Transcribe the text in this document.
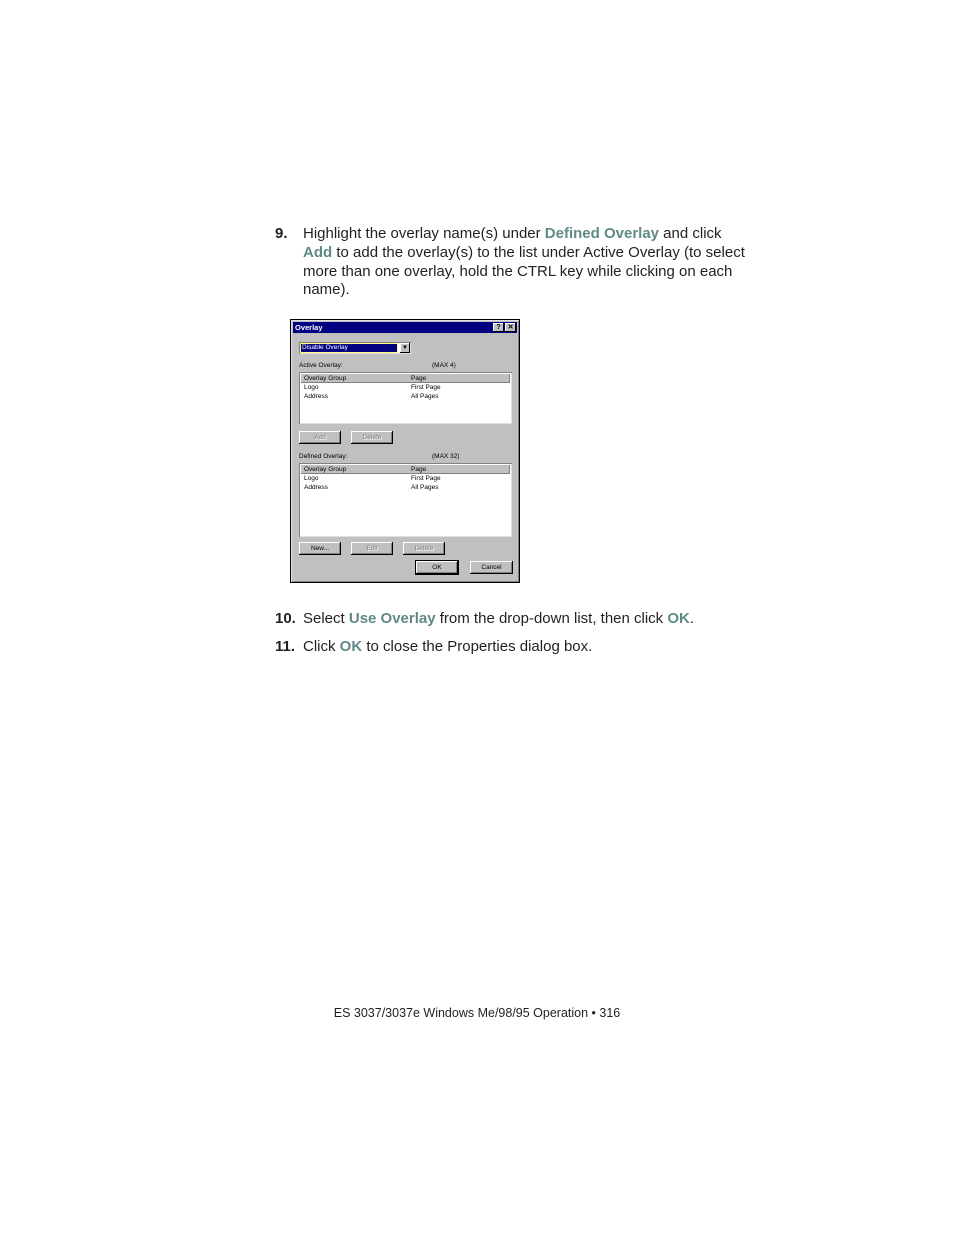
9. Highlight the overlay name(s) under Defined Overlay and click Add to add the overlay(s) to the list under Active Overlay (to select more than one overlay, hold the CTRL key while clicking on each name).
Overlay	? ✕
Disable Overlay	▼
Active Overlay:	(MAX 4)
Overlay Group	Page
Logo	First Page
Address	All Pages
Add	Delete
Defined Overlay:	(MAX 32)
Overlay Group	Page
Logo	First Page
Address	All Pages
New...	Edit	Delete
OK	Cancel
10. Select Use Overlay from the drop-down list, then click OK.
11. Click OK to close the Properties dialog box.
ES 3037/3037e Windows Me/98/95 Operation • 316
